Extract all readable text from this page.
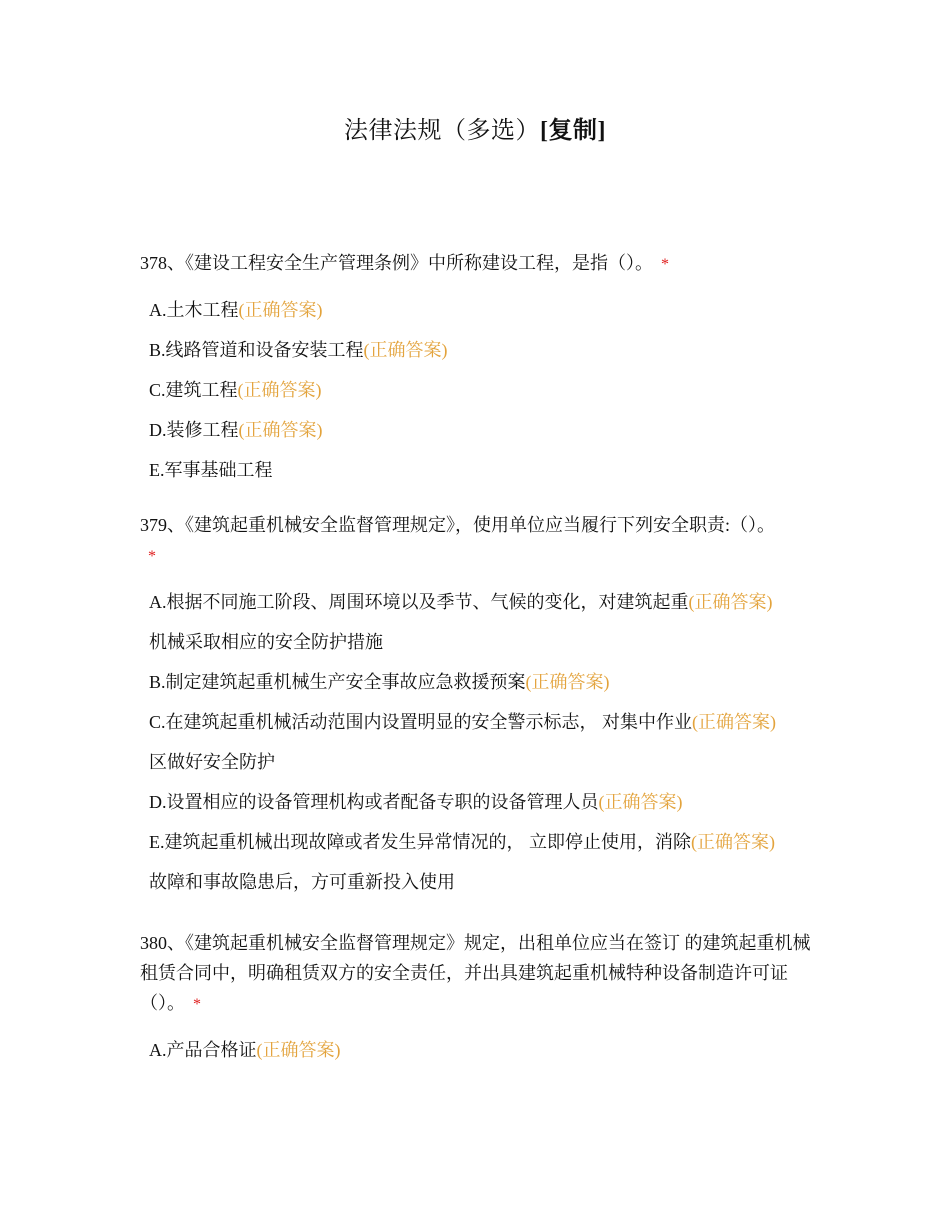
法律法规（多选）[复制]

378、《建设工程安全生产管理条例》中所称建设工程，是指（）。 *

A.土木工程(正确答案)
B.线路管道和设备安装工程(正确答案)
C.建筑工程(正确答案)
D.装修工程(正确答案)
E.军事基础工程

379、《建筑起重机械安全监督管理规定》，使用单位应当履行下列安全职责:（）。*

A.根据不同施工阶段、周围环境以及季节、气候的变化，对建筑起重(正确答案)
机械采取相应的安全防护措施
B.制定建筑起重机械生产安全事故应急救援预案(正确答案)
C.在建筑起重机械活动范围内设置明显的安全警示标志， 对集中作业(正确答案)
区做好安全防护
D.设置相应的设备管理机构或者配备专职的设备管理人员(正确答案)
E.建筑起重机械出现故障或者发生异常情况的， 立即停止使用，消除(正确答案)
故障和事故隐患后，方可重新投入使用

380、《建筑起重机械安全监督管理规定》规定，出租单位应当在签订 的建筑起重机械租赁合同中，明确租赁双方的安全责任，并出具建筑起重机械特种设备制造许可证（）。 *

A.产品合格证(正确答案)
